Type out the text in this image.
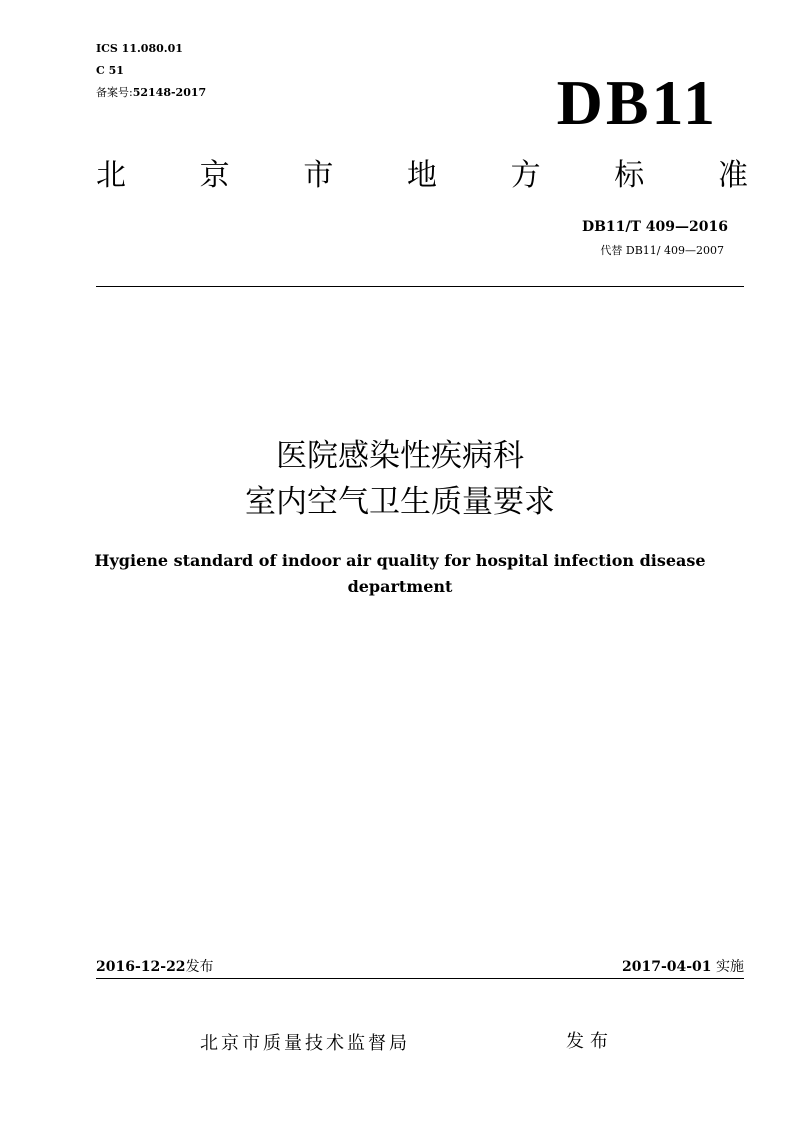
ICS 11.080.01
C 51
备案号:52148-2017	DB11
北 京 市 地 方 标 准
DB11/T 409—2016
代替 DB11/ 409—2007
医院感染性疾病科
室内空气卫生质量要求
Hygiene standard of indoor air quality for hospital infection disease department
2016-12-22发布	2017-04-01 实施
北京市质量技术监督局	发布
